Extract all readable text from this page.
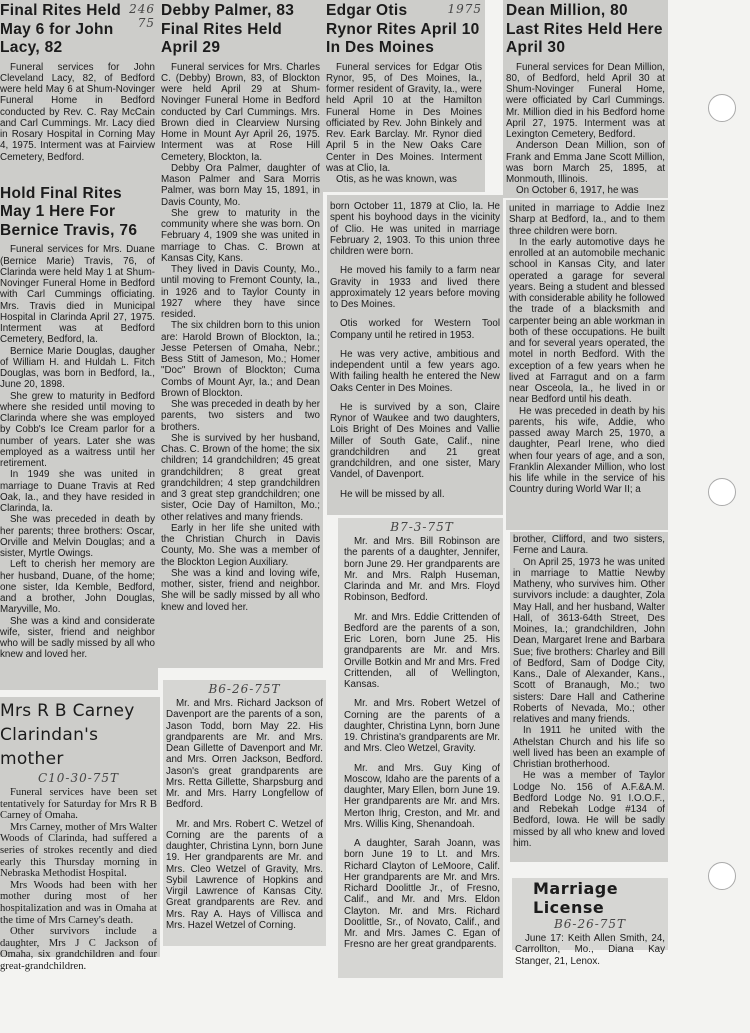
246
75
Final Rites Held May 6 for John Lacy, 82

Funeral services for John Cleveland Lacy, 82, of Bedford were held May 6 at Shum-Novinger Funeral Home in Bedford conducted by Rev. C. Ray McCain and Carl Cummings. Mr. Lacy died in Rosary Hospital in Corning May 4, 1975. Interment was at Fairview Cemetery, Bedford.

Hold Final Rites May 1 Here For Bernice Travis, 76

Funeral services for Mrs. Duane (Bernice Marie) Travis, 76, of Clarinda were held May 1 at Shum-Novinger Funeral Home in Bedford with Carl Cummings officiating. Mrs. Travis died in Municipal Hospital in Clarinda April 27, 1975. Interment was at Bedford Cemetery, Bedford, Ia.

Bernice Marie Douglas, daugher of William H. and Huldah L. Fitch Douglas, was born in Bedford, Ia., June 20, 1898.

She grew to maturity in Bedford where she resided until moving to Clarinda where she was employed by Cobb's Ice Cream parlor for a number of years. Later she was employed as a waitress until her retirement.

In 1949 she was united in marriage to Duane Travis at Red Oak, Ia., and they have resided in Clarinda, Ia.

She was preceded in death by her parents; three brothers: Oscar, Orville and Melvin Douglas; and a sister, Myrtle Owings.

Left to cherish her memory are her husband, Duane, of the home; one sister, Ida Kemble, Bedford, and a brother, John Douglas, Maryville, Mo.

She was a kind and considerate wife, sister, friend and neighbor who will be sadly missed by all who knew and loved her.

Mrs R B Carney
Clarindan's mother
C10-30-75T

Funeral services have been set tentatively for Saturday for Mrs R B Carney of Omaha.

Mrs Carney, mother of Mrs Walter Woods of Clarinda, had suffered a series of strokes recently and died early this Thursday morning in Nebraska Methodist Hospital.

Mrs Woods had been with her mother during most of her hospitalization and was in Omaha at the time of Mrs Carney's death.

Other survivors include a daughter, Mrs J C Jackson of Omaha, six grandchildren and four great-grandchildren.

Debby Palmer, 83 Final Rites Held April 29

Funeral services for Mrs. Charles C. (Debby) Brown, 83, of Blockton were held April 29 at Shum-Novinger Funeral Home in Bedford conducted by Carl Cummings. Mrs. Brown died in Clearview Nursing Home in Mount Ayr April 26, 1975. Interment was at Rose Hill Cemetery, Blockton, Ia.

Debby Ora Palmer, daughter of Mason Palmer and Sara Morris Palmer, was born May 15, 1891, in Davis County, Mo.

She grew to maturity in the community where she was born. On February 4, 1909 she was united in marriage to Chas. C. Brown at Kansas City, Kans.

They lived in Davis County, Mo., until moving to Fremont County, Ia., in 1926 and to Taylor County in 1927 where they have since resided.

The six children born to this union are: Harold Brown of Blockton, Ia.; Jesse Petersen of Omaha, Nebr.; Bess Stitt of Jameson, Mo.; Homer "Doc" Brown of Blockton; Cuma Combs of Mount Ayr, Ia.; and Dean Brown of Blockton.

She was preceded in death by her parents, two sisters and two brothers.

She is survived by her husband, Chas. C. Brown of the home; the six children; 14 grandchildren; 45 great grandchildren; 8 great great grandchildren; 4 step grandchildren and 3 great step grandchildren; one sister, Ocie Day of Hamilton, Mo.; other relatives and many friends.

Early in her life she united with the Christian Church in Davis County, Mo. She was a member of the Blockton Legion Auxiliary.

She was a kind and loving wife, mother, sister, friend and neighbor. She will be sadly missed by all who knew and loved her.

B6-26-75T

Mr. and Mrs. Richard Jackson of Davenport are the parents of a son, Jason Todd, born May 22. His grandparents are Mr. and Mrs. Dean Gillette of Davenport and Mr. and Mrs. Orren Jackson, Bedford. Jason's great grandparents are Mrs. Retta Gillette, Sharpsburg and Mr. and Mrs. Harry Longfellow of Bedford.

Mr. and Mrs. Robert C. Wetzel of Corning are the parents of a daughter, Christina Lynn, born June 19. Her grandparents are Mr. and Mrs. Cleo Wetzel of Gravity, Mrs. Sybil Lawrence of Hopkins and Virgil Lawrence of Kansas City. Great grandparents are Rev. and Mrs. Ray A. Hays of Villisca and Mrs. Hazel Wetzel of Corning.

1975
Edgar Otis Rynor Rites April 10 In Des Moines

Funeral services for Edgar Otis Rynor, 95, of Des Moines, Ia., former resident of Gravity, Ia., were held April 10 at the Hamilton Funeral Home in Des Moines officiated by Rev. John Binkely and Rev. Eark Barclay. Mr. Rynor died April 5 in the New Oaks Care Center in Des Moines. Interment was at Clio, Ia.

Otis, as he was known, was

born October 11, 1879 at Clio, Ia. He spent his boyhood days in the vicinity of Clio. He was united in marriage February 2, 1903. To this union three children were born.

He moved his family to a farm near Gravity in 1933 and lived there approximately 12 years before moving to Des Moines.

Otis worked for Western Tool Company until he retired in 1953.

He was very active, ambitious and independent until a few years ago. With failing health he entered the New Oaks Center in Des Moines.

He is survived by a son, Claire Rynor of Waukee and two daughters, Lois Bright of Des Moines and Vallie Miller of South Gate, Calif., nine grandchildren and 21 great grandchildren, and one sister, Mary Vandel, of Davenport.

He will be missed by all.

B7-3-75T

Mr. and Mrs. Bill Robinson are the parents of a daughter, Jennifer, born June 29. Her grandparents are Mr. and Mrs. Ralph Huseman, Clarinda and Mr. and Mrs. Floyd Robinson, Bedford.

Mr. and Mrs. Eddie Crittenden of Bedford are the parents of a son, Eric Loren, born June 25. His grandparents are Mr. and Mrs. Orville Botkin and Mr and Mrs. Fred Crittenden, all of Wellington, Kansas.

Mr. and Mrs. Robert Wetzel of Corning are the parents of a daughter, Christina Lynn, born June 19. Christina's grandparents are Mr. and Mrs. Cleo Wetzel, Gravity.

Mr. and Mrs. Guy King of Moscow, Idaho are the parents of a daughter, Mary Ellen, born June 19. Her grandparents are Mr. and Mrs. Merton Ihrig, Creston, and Mr. and Mrs. Willis King, Shenandoah.

A daughter, Sarah Joann, was born June 19 to Lt. and Mrs. Richard Clayton of LeMoore, Calif. Her grandparents are Mr. and Mrs. Richard Doolittle Jr., of Fresno, Calif., and Mr. and Mrs. Eldon Clayton. Mr. and Mrs. Richard Doolittle, Sr., of Novato, Calif., and Mr. and Mrs. James C. Egan of Fresno are her great grandparents.

Dean Million, 80 Last Rites Held Here April 30

Funeral services for Dean Million, 80, of Bedford, held April 30 at Shum-Novinger Funeral Home, were officiated by Carl Cummings. Mr. Million died in his Bedford home April 27, 1975. Interment was at Lexington Cemetery, Bedford.

Anderson Dean Million, son of Frank and Emma Jane Scott Million, was born March 25, 1895, at Monmouth, Illinois.

On October 6, 1917, he was

united in marriage to Addie Inez Sharp at Bedford, Ia., and to them three children were born.

In the early automotive days he enrolled at an automobile mechanic school in Kansas City, and later operated a garage for several years. Being a student and blessed with considerable ability he followed the trade of a blacksmith and carpenter being an able workman in both of these occupations. He built and for several years operated, the motel in north Bedford. With the exception of a few years when he lived at Farragut and on a farm near Osceola, Ia., he lived in or near Bedford until his death.

He was preceded in death by his parents, his wife, Addie, who passed away March 25, 1970, a daughter, Pearl Irene, who died when four years of age, and a son, Franklin Alexander Million, who lost his life while in the service of his Country during World War II; a

brother, Clifford, and two sisters, Ferne and Laura.

On April 25, 1973 he was united in marriage to Mattie Newby Matheny, who survives him. Other survivors include: a daughter, Zola May Hall, and her husband, Walter Hall, of 3613-64th Street, Des Moines, Ia.; grandchildren, John Dean, Margaret Irene and Barbara Sue; five brothers: Charley and Bill of Bedford, Sam of Dodge City, Kans., Dale of Alexander, Kans., Scott of Branaugh, Mo.; two sisters: Dare Hall and Catherine Roberts of Nevada, Mo.; other relatives and many friends.

In 1911 he united with the Athelstan Church and his life so well lived has been an example of Christian brotherhood.

He was a member of Taylor Lodge No. 156 of A.F.&A.M. Bedford Lodge No. 91 I.O.O.F., and Rebekah Lodge #134 of Bedford, Iowa. He will be sadly missed by all who knew and loved him.

Marriage License
B6-26-75T

June 17: Keith Allen Smith, 24, Carrollton, Mo., Diana Kay Stanger, 21, Lenox.
